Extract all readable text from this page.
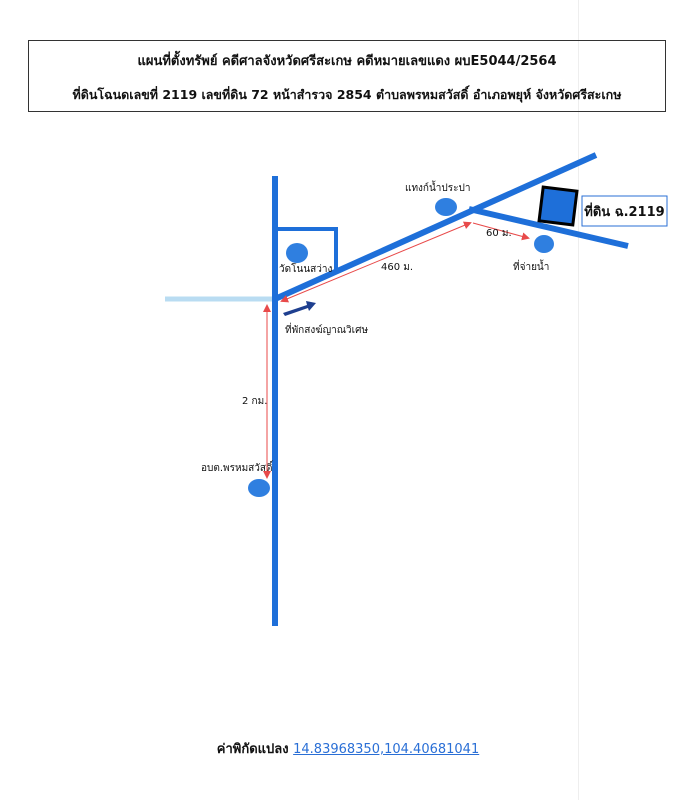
แผนที่ตั้งทรัพย์ คดีศาลจังหวัดศรีสะเกษ คดีหมายเลขแดง ผบE5044/2564
ที่ดินโฉนดเลขที่ 2119 เลขที่ดิน 72 หน้าสำรวจ 2854 ตำบลพรหมสวัสดิ์ อำเภอพยุห์ จังหวัดศรีสะเกษ
ที่ดิน ฉ.2119
แทงก์น้ำประปา
วัดโนนสว่าง	ที่จ่ายน้ำ
อบต.พรหมสวัสดิ์
ที่พักสงฆ์ญาณวิเศษ
460 ม.
60 ม.
2 กม.
ค่าพิกัดแปลง 14.83968350,104.40681041
